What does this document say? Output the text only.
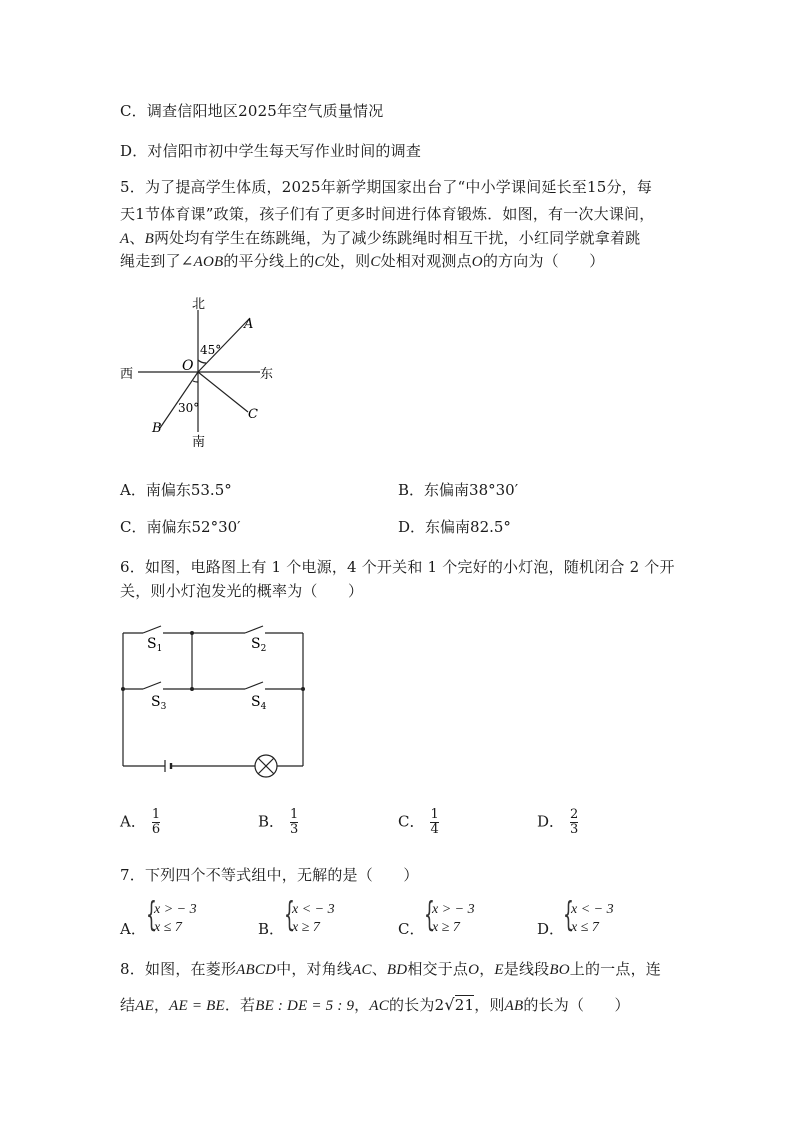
C．调查信阳地区2025年空气质量情况
D．对信阳市初中学生每天写作业时间的调查
5．为了提高学生体质，2025年新学期国家出台了“中小学课间延长至15分，每
天1节体育课”政策，孩子们有了更多时间进行体育锻炼．如图，有一次大课间，
A、B两处均有学生在练跳绳，为了减少练跳绳时相互干扰，小红同学就拿着跳
绳走到了∠AOB的平分线上的C处，则C处相对观测点O的方向为（　　）
北
南
西	东
O
A
B
C
45°
30°
A．南偏东53.5°	B．东偏南38°30′
C．南偏东52°30′	D．东偏南82.5°
6．如图，电路图上有 1 个电源，4 个开关和 1 个完好的小灯泡，随机闭合 2 个开
关，则小灯泡发光的概率为（　　）
$S_1$	$S_2$
$S_3$	$S_4$
A． $\frac{1}{6}$	B． $\frac{1}{3}$	C． $\frac{1}{4}$	D． $\frac{2}{3}$
7．下列四个不等式组中，无解的是（　　）
A． {
x > − 3
x ≤ 7	B． {
x < − 3
x ≥ 7	C． {
x > − 3
x ≥ 7	D．
{
x < − 3
x ≤ 7
8．如图，在菱形ABCD中，对角线AC、BD相交于点O，E是线段BO上的一点，连
结AE，AE = BE．若BE : DE = 5 : 9，AC的长为2√21，则AB的长为（　　）
